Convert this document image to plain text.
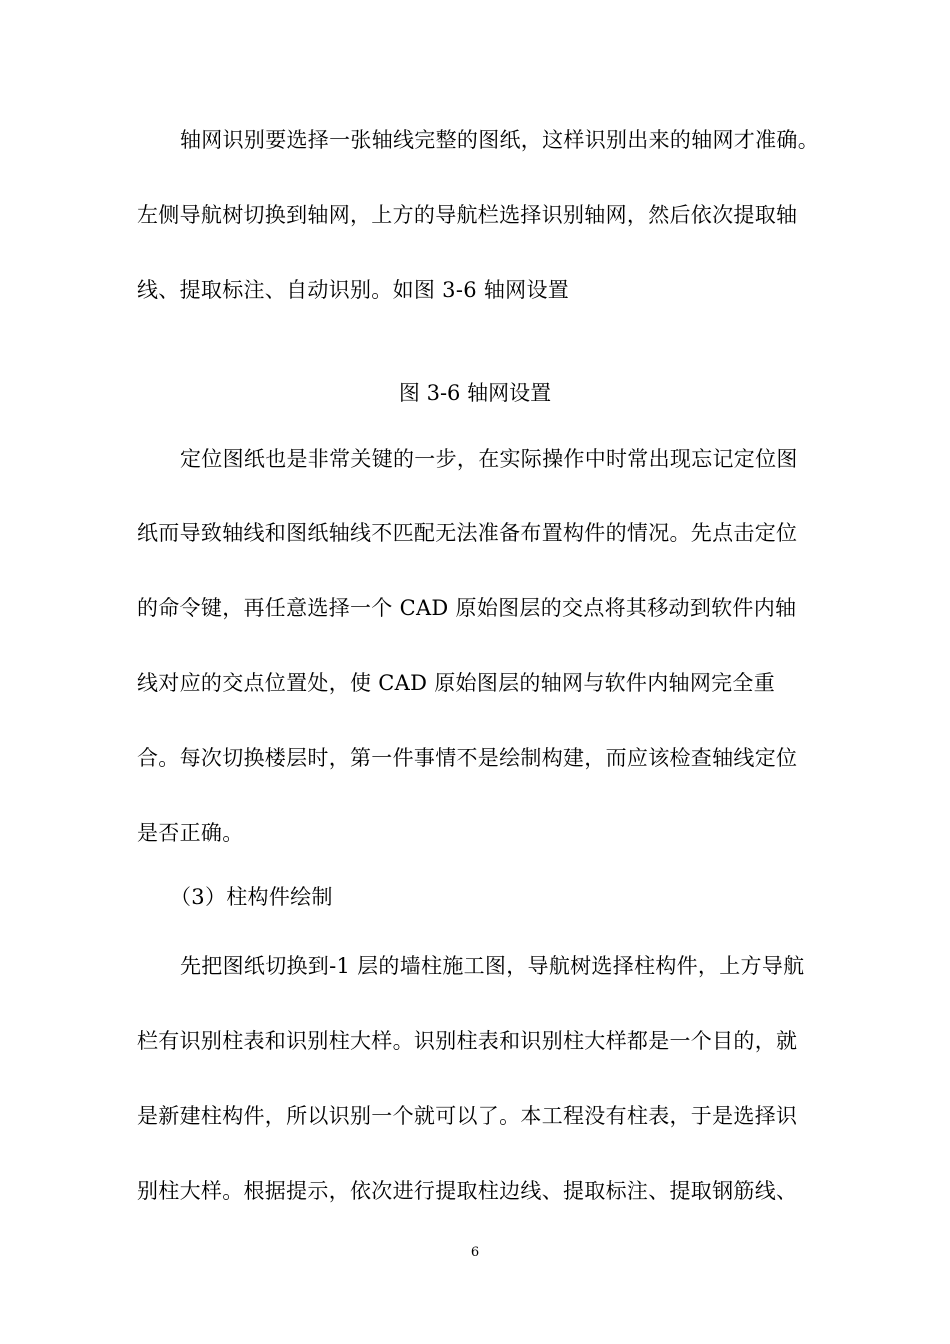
轴网识别要选择一张轴线完整的图纸，这样识别出来的轴网才准确。
左侧导航树切换到轴网，上方的导航栏选择识别轴网，然后依次提取轴
线、提取标注、自动识别。如图 3-6 轴网设置
图 3-6 轴网设置
定位图纸也是非常关键的一步，在实际操作中时常出现忘记定位图
纸而导致轴线和图纸轴线不匹配无法准备布置构件的情况。先点击定位
的命令键，再任意选择一个 CAD 原始图层的交点将其移动到软件内轴
线对应的交点位置处，使 CAD 原始图层的轴网与软件内轴网完全重
合。每次切换楼层时，第一件事情不是绘制构建，而应该检查轴线定位
是否正确。
（3）柱构件绘制
先把图纸切换到-1 层的墙柱施工图，导航树选择柱构件，上方导航
栏有识别柱表和识别柱大样。识别柱表和识别柱大样都是一个目的，就
是新建柱构件，所以识别一个就可以了。本工程没有柱表，于是选择识
别柱大样。根据提示，依次进行提取柱边线、提取标注、提取钢筋线、
6
